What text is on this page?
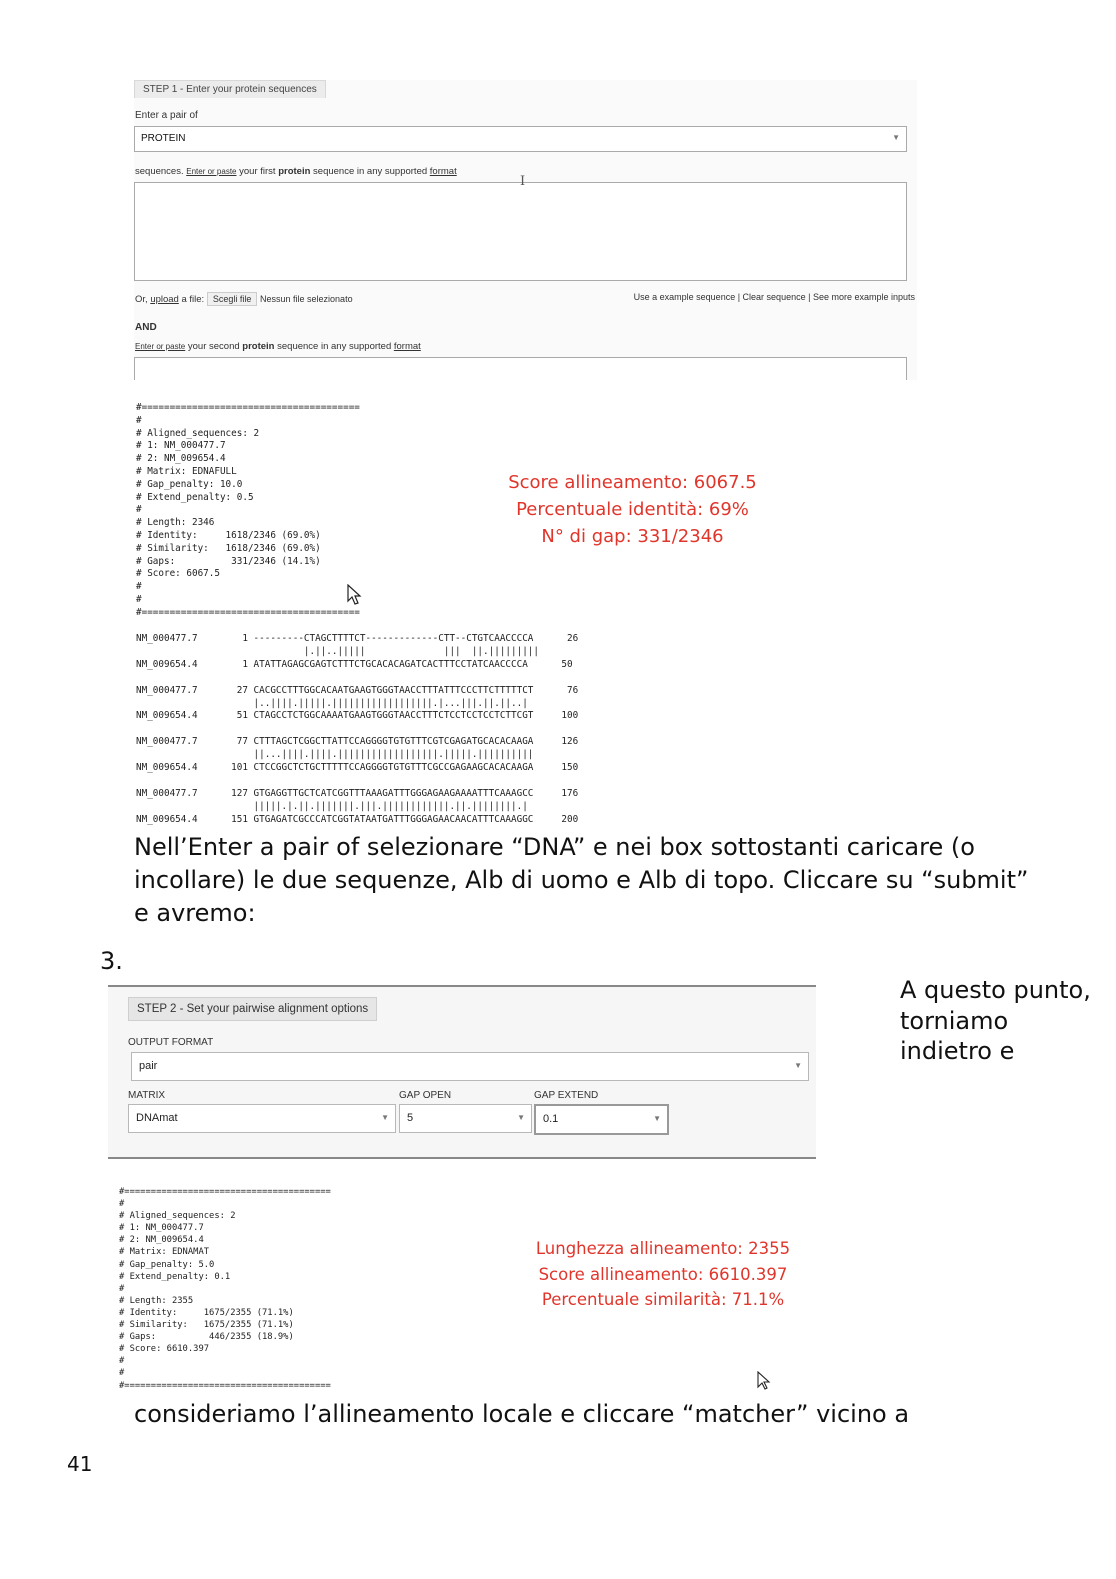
STEP 1 - Enter your protein sequences
Enter a pair of
PROTEIN	▼
sequences. Enter or paste your first protein sequence in any supported format
Or, upload a file: Scegli file Nessun file selezionato	Use a example sequence | Clear sequence | See more example inputs
AND
Enter or paste your second protein sequence in any supported format
I
#=======================================
#
# Aligned_sequences: 2
# 1: NM_000477.7
# 2: NM_009654.4
# Matrix: EDNAFULL
# Gap_penalty: 10.0
# Extend_penalty: 0.5
#
# Length: 2346
# Identity:     1618/2346 (69.0%)
# Similarity:   1618/2346 (69.0%)
# Gaps:          331/2346 (14.1%)
# Score: 6067.5
#
#
#=======================================
Score allineamento: 6067.5
Percentuale identità: 69%
N° di gap: 331/2346
NM_000477.7        1 ---------CTAGCTTTTCT-------------CTT--CTGTCAACCCCA      26
|.||..|||||              |||  ||.|||||||||
NM_009654.4        1 ATATTAGAGCGAGTCTTTCTGCACACAGATCACTTTCCTATCAACCCCA      50

NM_000477.7       27 CACGCCTTTGGCACAATGAAGTGGGTAACCTTTATTTCCCTTCTTTTTCT      76
|..||||.|||||.||||||||||||||||||.|...|||.||.||..|
NM_009654.4       51 CTAGCCTCTGGCAAAATGAAGTGGGTAACCTTTCTCCTCCTCCTCTTCGT     100

NM_000477.7       77 CTTTAGCTCGGCTTATTCCAGGGGTGTGTTTCGTCGAGATGCACACAAGA     126
||...||||.||||.||||||||||||||||||.|||||.||||||||||
NM_009654.4      101 CTCCGGCTCTGCTTTTTCCAGGGGTGTGTTTCGCCGAGAAGCACACAAGA     150

NM_000477.7      127 GTGAGGTTGCTCATCGGTTTAAAGATTTGGGAGAAGAAAATTTCAAAGCC     176
|||||.|.||.|||||||.|||.||||||||||||.||.||||||||.|
NM_009654.4      151 GTGAGATCGCCCATCGGTATAATGATTTGGGAGAACAACATTTCAAAGGC     200
Nell’Enter a pair of selezionare “DNA” e nei box sottostanti caricare (o incollare) le due sequenze, Alb di uomo e Alb di topo. Cliccare su “submit” e avremo:
3.
A questo punto, torniamo indietro e
STEP 2 - Set your pairwise alignment options
OUTPUT FORMAT
pair	▼
MATRIX
DNAmat	▼
GAP OPEN
5	▼
GAP EXTEND
0.1	▼
#=======================================
#
# Aligned_sequences: 2
# 1: NM_000477.7
# 2: NM_009654.4
# Matrix: EDNAMAT
# Gap_penalty: 5.0
# Extend_penalty: 0.1
#
# Length: 2355
# Identity:     1675/2355 (71.1%)
# Similarity:   1675/2355 (71.1%)
# Gaps:          446/2355 (18.9%)
# Score: 6610.397
#
#
#=======================================
Lunghezza allineamento: 2355
Score allineamento: 6610.397
Percentuale similarità: 71.1%
consideriamo l’allineamento locale e cliccare “matcher” vicino a
41
